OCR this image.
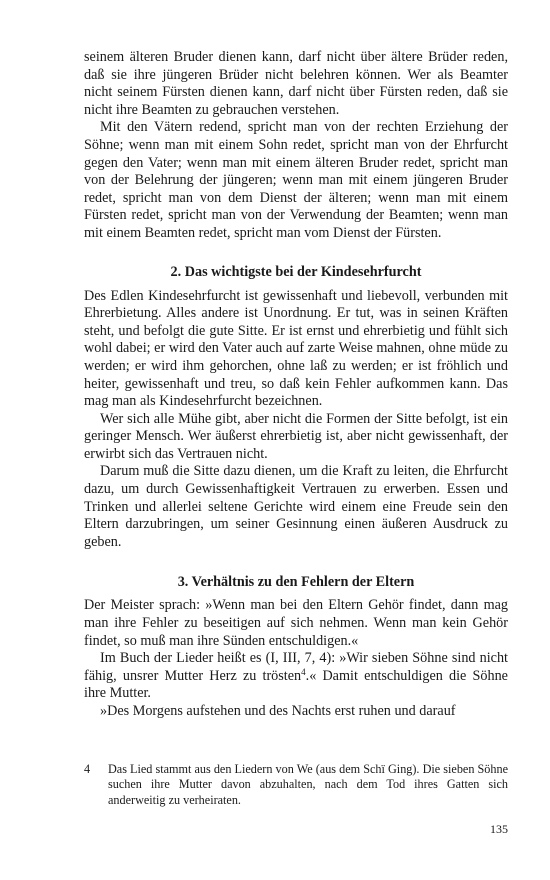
seinem älteren Bruder dienen kann, darf nicht über ältere Brüder reden, daß sie ihre jüngeren Brüder nicht belehren können. Wer als Beamter nicht seinem Fürsten dienen kann, darf nicht über Fürsten reden, daß sie nicht ihre Beamten zu gebrauchen verstehen.

Mit den Vätern redend, spricht man von der rechten Erziehung der Söhne; wenn man mit einem Sohn redet, spricht man von der Ehrfurcht gegen den Vater; wenn man mit einem älteren Bruder redet, spricht man von der Belehrung der jüngeren; wenn man mit einem jüngeren Bruder redet, spricht man von dem Dienst der älteren; wenn man mit einem Fürsten redet, spricht man von der Verwendung der Beamten; wenn man mit einem Beamten redet, spricht man vom Dienst der Fürsten.

2. Das wichtigste bei der Kindesehrfurcht

Des Edlen Kindesehrfurcht ist gewissenhaft und liebevoll, verbunden mit Ehrerbietung. Alles andere ist Unordnung. Er tut, was in seinen Kräften steht, und befolgt die gute Sitte. Er ist ernst und ehrerbietig und fühlt sich wohl dabei; er wird den Vater auch auf zarte Weise mahnen, ohne müde zu werden; er wird ihm gehorchen, ohne laß zu werden; er ist fröhlich und heiter, gewissenhaft und treu, so daß kein Fehler aufkommen kann. Das mag man als Kindesehrfurcht bezeichnen.

Wer sich alle Mühe gibt, aber nicht die Formen der Sitte befolgt, ist ein geringer Mensch. Wer äußerst ehrerbietig ist, aber nicht gewissenhaft, der erwirbt sich das Vertrauen nicht.

Darum muß die Sitte dazu dienen, um die Kraft zu leiten, die Ehrfurcht dazu, um durch Gewissenhaftigkeit Vertrauen zu erwerben. Essen und Trinken und allerlei seltene Gerichte wird einem eine Freude sein den Eltern darzubringen, um seiner Gesinnung einen äußeren Ausdruck zu geben.

3. Verhältnis zu den Fehlern der Eltern

Der Meister sprach: »Wenn man bei den Eltern Gehör findet, dann mag man ihre Fehler zu beseitigen auf sich nehmen. Wenn man kein Gehör findet, so muß man ihre Sünden entschuldigen.«

Im Buch der Lieder heißt es (I, III, 7, 4): »Wir sieben Söhne sind nicht fähig, unsrer Mutter Herz zu trösten$^4$.« Damit entschuldigen die Söhne ihre Mutter.

»Des Morgens aufstehen und des Nachts erst ruhen und darauf

4 Das Lied stammt aus den Liedern von We (aus dem Schï Ging). Die sieben Söhne suchen ihre Mutter davon abzuhalten, nach dem Tod ihres Gatten sich anderweitig zu verheiraten.
135
